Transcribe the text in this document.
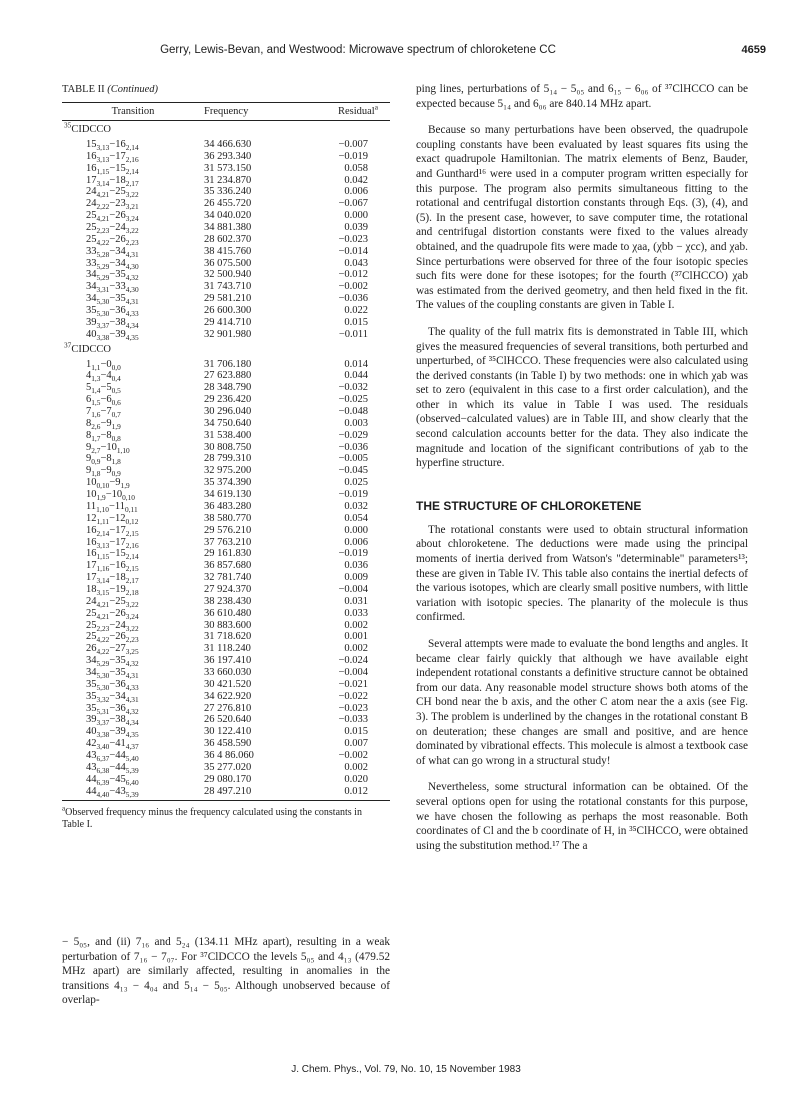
Gerry, Lewis-Bevan, and Westwood: Microwave spectrum of chloroketene CC	4659
TABLE II (Continued)
Transition	Frequency	Residual$^a$
$^{35}$CIDCCO		
$15_{3,13}-16_{2,14}$	34 466.630	−0.007
$16_{3,13}-17_{2,16}$	36 293.340	−0.019
$16_{1,15}-15_{2,14}$	31 573.150	0.058
$17_{3,14}-18_{2,17}$	31 234.870	0.042
$24_{4,21}-25_{3,22}$	35 336.240	0.006
$24_{2,22}-23_{3,21}$	26 455.720	−0.067
$25_{4,21}-26_{3,24}$	34 040.020	0.000
$25_{2,23}-24_{3,22}$	34 881.380	0.039
$25_{4,22}-26_{2,23}$	28 602.370	−0.023
$33_{5,28}-34_{4,31}$	38 415.760	−0.014
$33_{5,29}-34_{4,30}$	36 075.500	0.043
$34_{5,29}-35_{4,32}$	32 500.940	−0.012
$34_{3,31}-33_{4,30}$	31 743.710	−0.002
$34_{5,30}-35_{4,31}$	29 581.210	−0.036
$35_{5,30}-36_{4,33}$	26 600.300	0.022
$39_{3,37}-38_{4,34}$	29 414.710	0.015
$40_{3,38}-39_{4,35}$	32 901.980	−0.011
$^{37}$CIDCCO		
$1_{1,1}-0_{0,0}$	31 706.180	0.014
$4_{1,3}-4_{0,4}$	27 623.880	0.044
$5_{1,4}-5_{0,5}$	28 348.790	−0.032
$6_{1,5}-6_{0,6}$	29 236.420	−0.025
$7_{1,6}-7_{0,7}$	30 296.040	−0.048
$8_{2,6}-9_{1,9}$	34 750.640	0.003
$8_{1,7}-8_{0,8}$	31 538.400	−0.029
$9_{2,7}-10_{1,10}$	30 808.750	−0.036
$9_{0,9}-8_{1,8}$	28 799.310	−0.005
$9_{1,8}-9_{0,9}$	32 975.200	−0.045
$10_{0,10}-9_{1,9}$	35 374.390	0.025
$10_{1,9}-10_{0,10}$	34 619.130	−0.019
$11_{1,10}-11_{0,11}$	36 483.280	0.032
$12_{1,11}-12_{0,12}$	38 580.770	0.054
$16_{2,14}-17_{2,15}$	29 576.210	0.000
$16_{3,13}-17_{2,16}$	37 763.210	0.006
$16_{1,15}-15_{2,14}$	29 161.830	−0.019
$17_{1,16}-16_{2,15}$	36 857.680	0.036
$17_{3,14}-18_{2,17}$	32 781.740	0.009
$18_{3,15}-19_{2,18}$	27 924.370	−0.004
$24_{4,21}-25_{3,22}$	38 238.430	0.031
$25_{4,21}-26_{3,24}$	36 610.480	0.033
$25_{2,23}-24_{3,22}$	30 883.600	0.002
$25_{4,22}-26_{2,23}$	31 718.620	0.001
$26_{4,22}-27_{3,25}$	31 118.240	0.002
$34_{5,29}-35_{4,32}$	36 197.410	−0.024
$34_{5,30}-35_{4,31}$	33 660.030	−0.004
$35_{5,30}-36_{4,33}$	30 421.520	−0.021
$35_{3,32}-34_{4,31}$	34 622.920	−0.022
$35_{5,31}-36_{4,32}$	27 276.810	−0.023
$39_{3,37}-38_{4,34}$	26 520.640	−0.033
$40_{3,38}-39_{4,35}$	30 122.410	0.015
$42_{3,40}-41_{4,37}$	36 458.590	0.007
$43_{6,37}-44_{5,40}$	36 4 86.060	−0.002
$43_{6,38}-44_{5,39}$	35 277.020	0.002
$44_{6,39}-45_{6,40}$	29 080.170	0.020
$44_{4,40}-43_{5,39}$	28 497.210	0.012
$^a$Observed frequency minus the frequency calculated using the constants in Table I.
− 5₀₅, and (ii) 7₁₆ and 5₂₄ (134.11 MHz apart), resulting in a weak perturbation of 7₁₆ − 7₀₇. For ³⁷ClDCCO the levels 5₀₅ and 4₁₃ (479.52 MHz apart) are similarly affected, resulting in anomalies in the transitions 4₁₃ − 4₀₄ and 5₁₄ − 5₀₅. Although unobserved because of overlap-

ping lines, perturbations of 5₁₄ − 5₀₅ and 6₁₅ − 6₀₆ of ³⁷ClHCCO can be expected because 5₁₄ and 6₀₆ are 840.14 MHz apart.

Because so many perturbations have been observed, the quadrupole coupling constants have been evaluated by least squares fits using the exact quadrupole Hamiltonian. The matrix elements of Benz, Bauder, and Gunthard¹⁶ were used in a computer program written especially for this purpose. The program also permits simultaneous fitting to the rotational and centrifugal distortion constants through Eqs. (3), (4), and (5). In the present case, however, to save computer time, the rotational and centrifugal distortion constants were fixed to the values already obtained, and the quadrupole fits were made to χaa, (χbb − χcc), and χab. Since perturbations were observed for three of the four isotopic species such fits were done for these isotopes; for the fourth (³⁷ClHCCO) χab was estimated from the derived geometry, and then held fixed in the fit. The values of the coupling constants are given in Table I.

The quality of the full matrix fits is demonstrated in Table III, which gives the measured frequencies of several transitions, both perturbed and unperturbed, of ³⁵ClHCCO. These frequencies were also calculated using the derived constants (in Table I) by two methods: one in which χab was set to zero (equivalent in this case to a first order calculation), and the other in which its value in Table I was used. The residuals (observed−calculated values) are in Table III, and show clearly that the second calculation accounts better for the data. They also indicate the magnitude and location of the significant contributions of χab to the hyperfine structure.

THE STRUCTURE OF CHLOROKETENE

The rotational constants were used to obtain structural information about chloroketene. The deductions were made using the principal moments of inertia derived from Watson's "determinable" parameters¹³; these are given in Table IV. This table also contains the inertial defects of the various isotopes, which are clearly small positive numbers, with little variation with isotopic species. The planarity of the molecule is thus confirmed.

Several attempts were made to evaluate the bond lengths and angles. It became clear fairly quickly that although we have available eight independent rotational constants a definitive structure cannot be obtained from our data. Any reasonable model structure shows both atoms of the CH bond near the b axis, and the other C atom near the a axis (see Fig. 3). The problem is underlined by the changes in the rotational constant B on deuteration; these changes are small and positive, and are hence dominated by vibrational effects. This molecule is almost a textbook case of what can go wrong in a structural study!

Nevertheless, some structural information can be obtained. Of the several options open for using the rotational constants for this purpose, we have chosen the following as perhaps the most reasonable. Both coordinates of Cl and the b coordinate of H, in ³⁵ClHCCO, were obtained using the substitution method.¹⁷ The a

J. Chem. Phys., Vol. 79, No. 10, 15 November 1983
